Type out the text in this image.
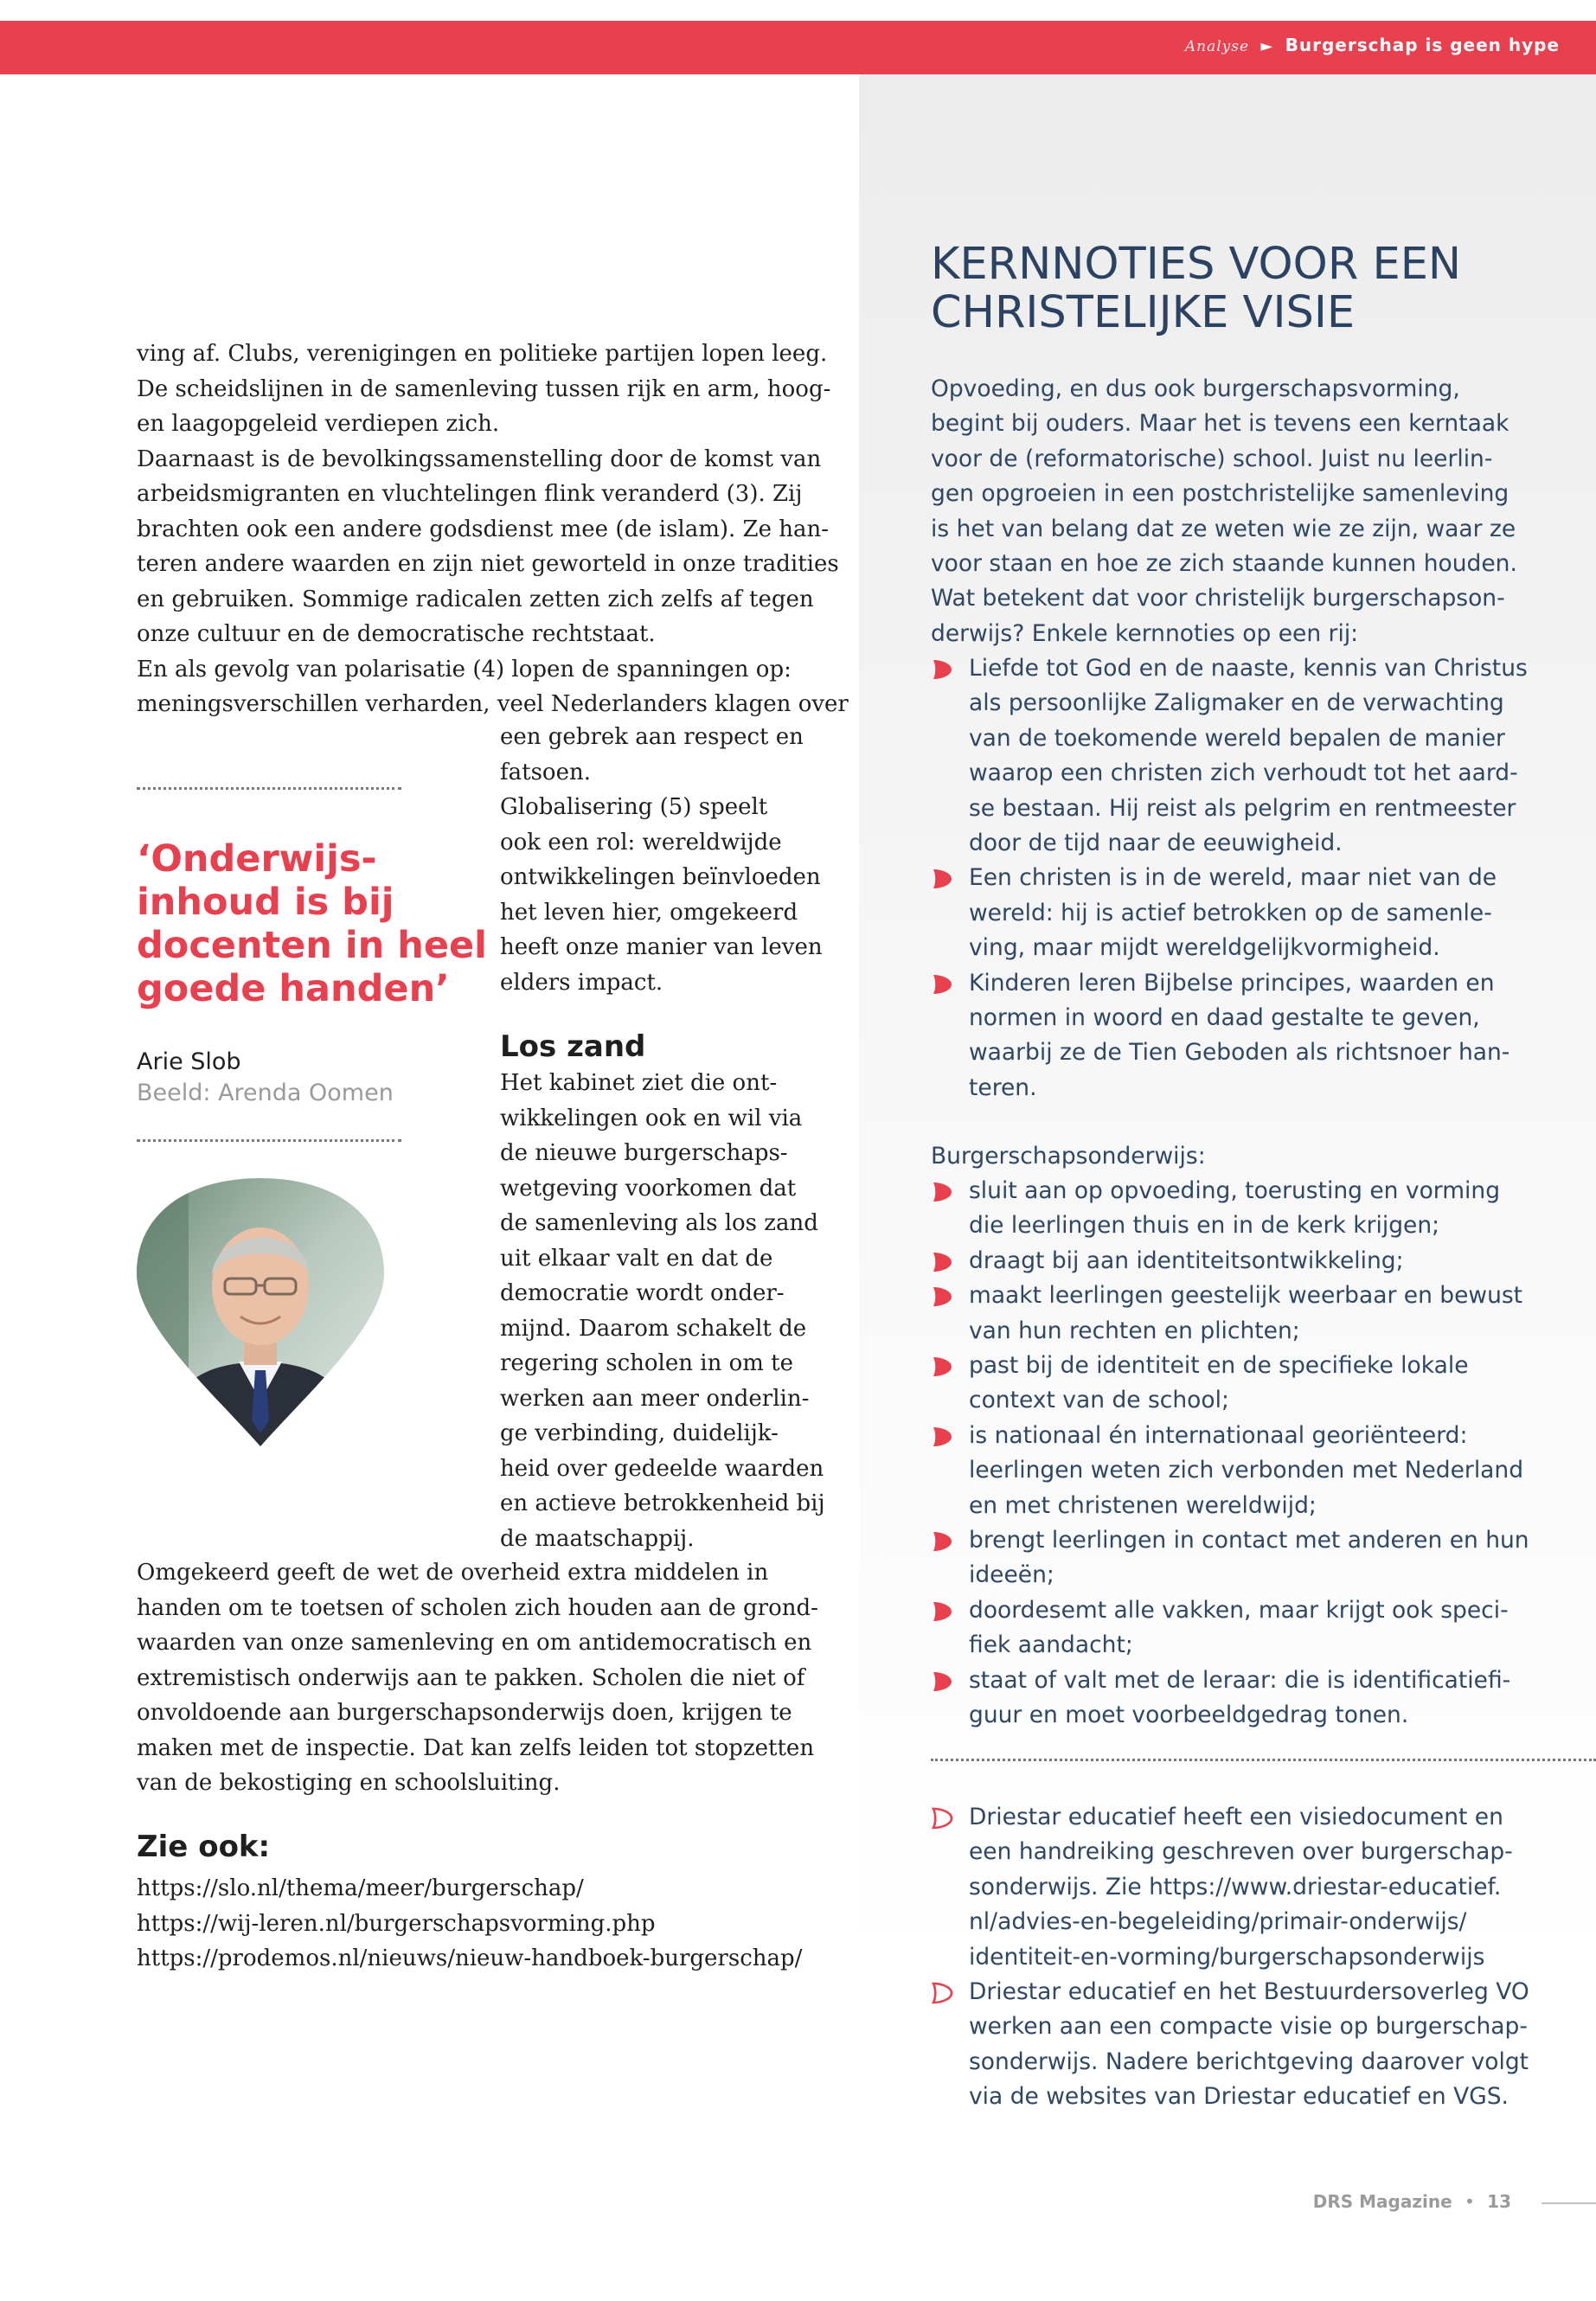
Analyse ► Burgerschap is geen hype
ving af. Clubs, verenigingen en politieke partijen lopen leeg.
De scheidslijnen in de samenleving tussen rijk en arm, hoog-
en laagopgeleid verdiepen zich.
Daarnaast is de bevolkingssamenstelling door de komst van
arbeidsmigranten en vluchtelingen flink veranderd (3). Zij
brachten ook een andere godsdienst mee (de islam). Ze han-
teren andere waarden en zijn niet geworteld in onze tradities
en gebruiken. Sommige radicalen zetten zich zelfs af tegen
onze cultuur en de democratische rechtstaat.
En als gevolg van polarisatie (4) lopen de spanningen op:
meningsverschillen verharden, veel Nederlanders klagen over
een gebrek aan respect en
fatsoen.
Globalisering (5) speelt
ook een rol: wereldwijde
ontwikkelingen beïnvloeden
het leven hier, omgekeerd
heeft onze manier van leven
elders impact.
Los zand
Het kabinet ziet die ont-
wikkelingen ook en wil via
de nieuwe burgerschaps-
wetgeving voorkomen dat
de samenleving als los zand
uit elkaar valt en dat de
democratie wordt onder-
mijnd. Daarom schakelt de
regering scholen in om te
werken aan meer onderlin-
ge verbinding, duidelijk-
heid over gedeelde waarden
en actieve betrokkenheid bij
de maatschappij.
Omgekeerd geeft de wet de overheid extra middelen in
handen om te toetsen of scholen zich houden aan de grond-
waarden van onze samenleving en om antidemocratisch en
extremistisch onderwijs aan te pakken. Scholen die niet of
onvoldoende aan burgerschapsonderwijs doen, krijgen te
maken met de inspectie. Dat kan zelfs leiden tot stopzetten
van de bekostiging en schoolsluiting.
Zie ook:
https://slo.nl/thema/meer/burgerschap/
https://wij-leren.nl/burgerschapsvorming.php
https://prodemos.nl/nieuws/nieuw-handboek-burgerschap/
‘Onderwijs-
inhoud is bij
docenten in heel
goede handen’
Arie Slob
Beeld: Arenda Oomen
KERNNOTIES VOOR EEN
CHRISTELIJKE VISIE
Opvoeding, en dus ook burgerschapsvorming,
begint bij ouders. Maar het is tevens een kerntaak
voor de (reformatorische) school. Juist nu leerlin-
gen opgroeien in een postchristelijke samenleving
is het van belang dat ze weten wie ze zijn, waar ze
voor staan en hoe ze zich staande kunnen houden.
Wat betekent dat voor christelijk burgerschapson-
derwijs? Enkele kernnoties op een rij:
Liefde tot God en de naaste, kennis van Christus
als persoonlijke Zaligmaker en de verwachting
van de toekomende wereld bepalen de manier
waarop een christen zich verhoudt tot het aard-
se bestaan. Hij reist als pelgrim en rentmeester
door de tijd naar de eeuwigheid.
Een christen is in de wereld, maar niet van de
wereld: hij is actief betrokken op de samenle-
ving, maar mijdt wereldgelijkvormigheid.
Kinderen leren Bijbelse principes, waarden en
normen in woord en daad gestalte te geven,
waarbij ze de Tien Geboden als richtsnoer han-
teren.
Burgerschapsonderwijs:
sluit aan op opvoeding, toerusting en vorming
die leerlingen thuis en in de kerk krijgen;
draagt bij aan identiteitsontwikkeling;
maakt leerlingen geestelijk weerbaar en bewust
van hun rechten en plichten;
past bij de identiteit en de specifieke lokale
context van de school;
is nationaal én internationaal georiënteerd:
leerlingen weten zich verbonden met Nederland
en met christenen wereldwijd;
brengt leerlingen in contact met anderen en hun
ideeën;
doordesemt alle vakken, maar krijgt ook speci-
fiek aandacht;
staat of valt met de leraar: die is identificatiefi-
guur en moet voorbeeldgedrag tonen.
Driestar educatief heeft een visiedocument en
een handreiking geschreven over burgerschap-
sonderwijs. Zie https://www.driestar-educatief.
nl/advies-en-begeleiding/primair-onderwijs/
identiteit-en-vorming/burgerschapsonderwijs
Driestar educatief en het Bestuurdersoverleg VO
werken aan een compacte visie op burgerschap-
sonderwijs. Nadere berichtgeving daarover volgt
via de websites van Driestar educatief en VGS.
DRS Magazine • 13
